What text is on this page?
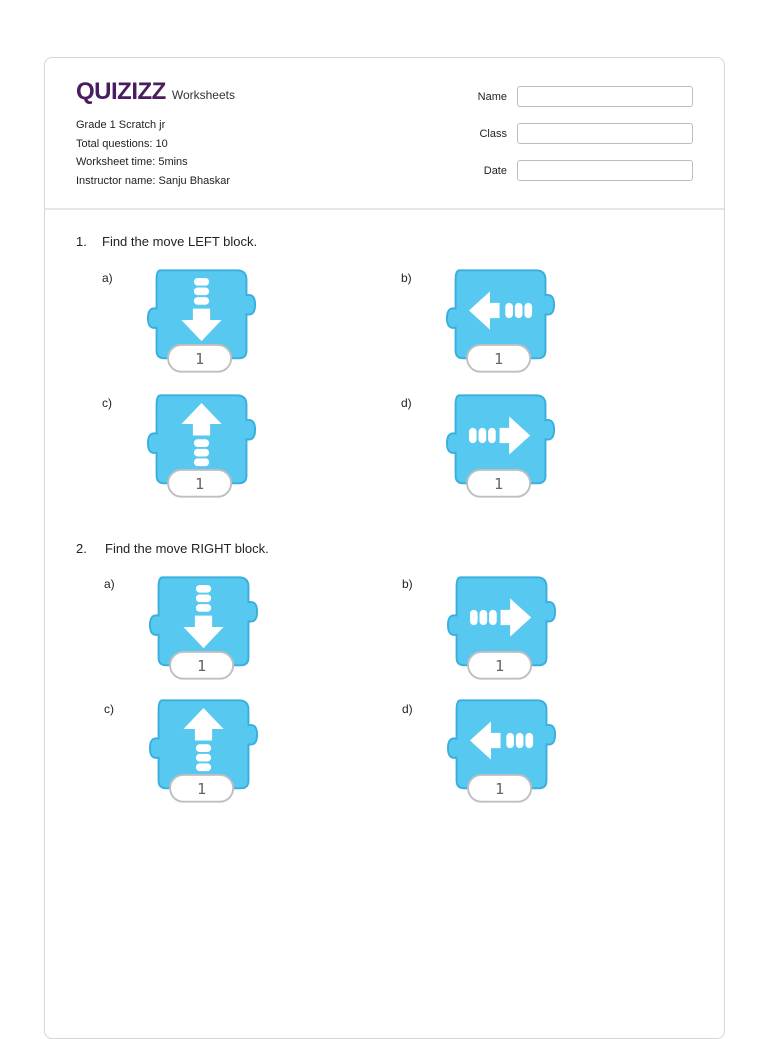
QUIZIZZ Worksheets
Grade 1 Scratch jr
Total questions: 10
Worksheet time: 5mins
Instructor name: Sanju Bhaskar
Name
Class
Date
1. Find the move LEFT block.
a)
1
b)
1
c)
1
d)
1
2. Find the move RIGHT block.
a)
1
b)
1
c)
1
d)
1
